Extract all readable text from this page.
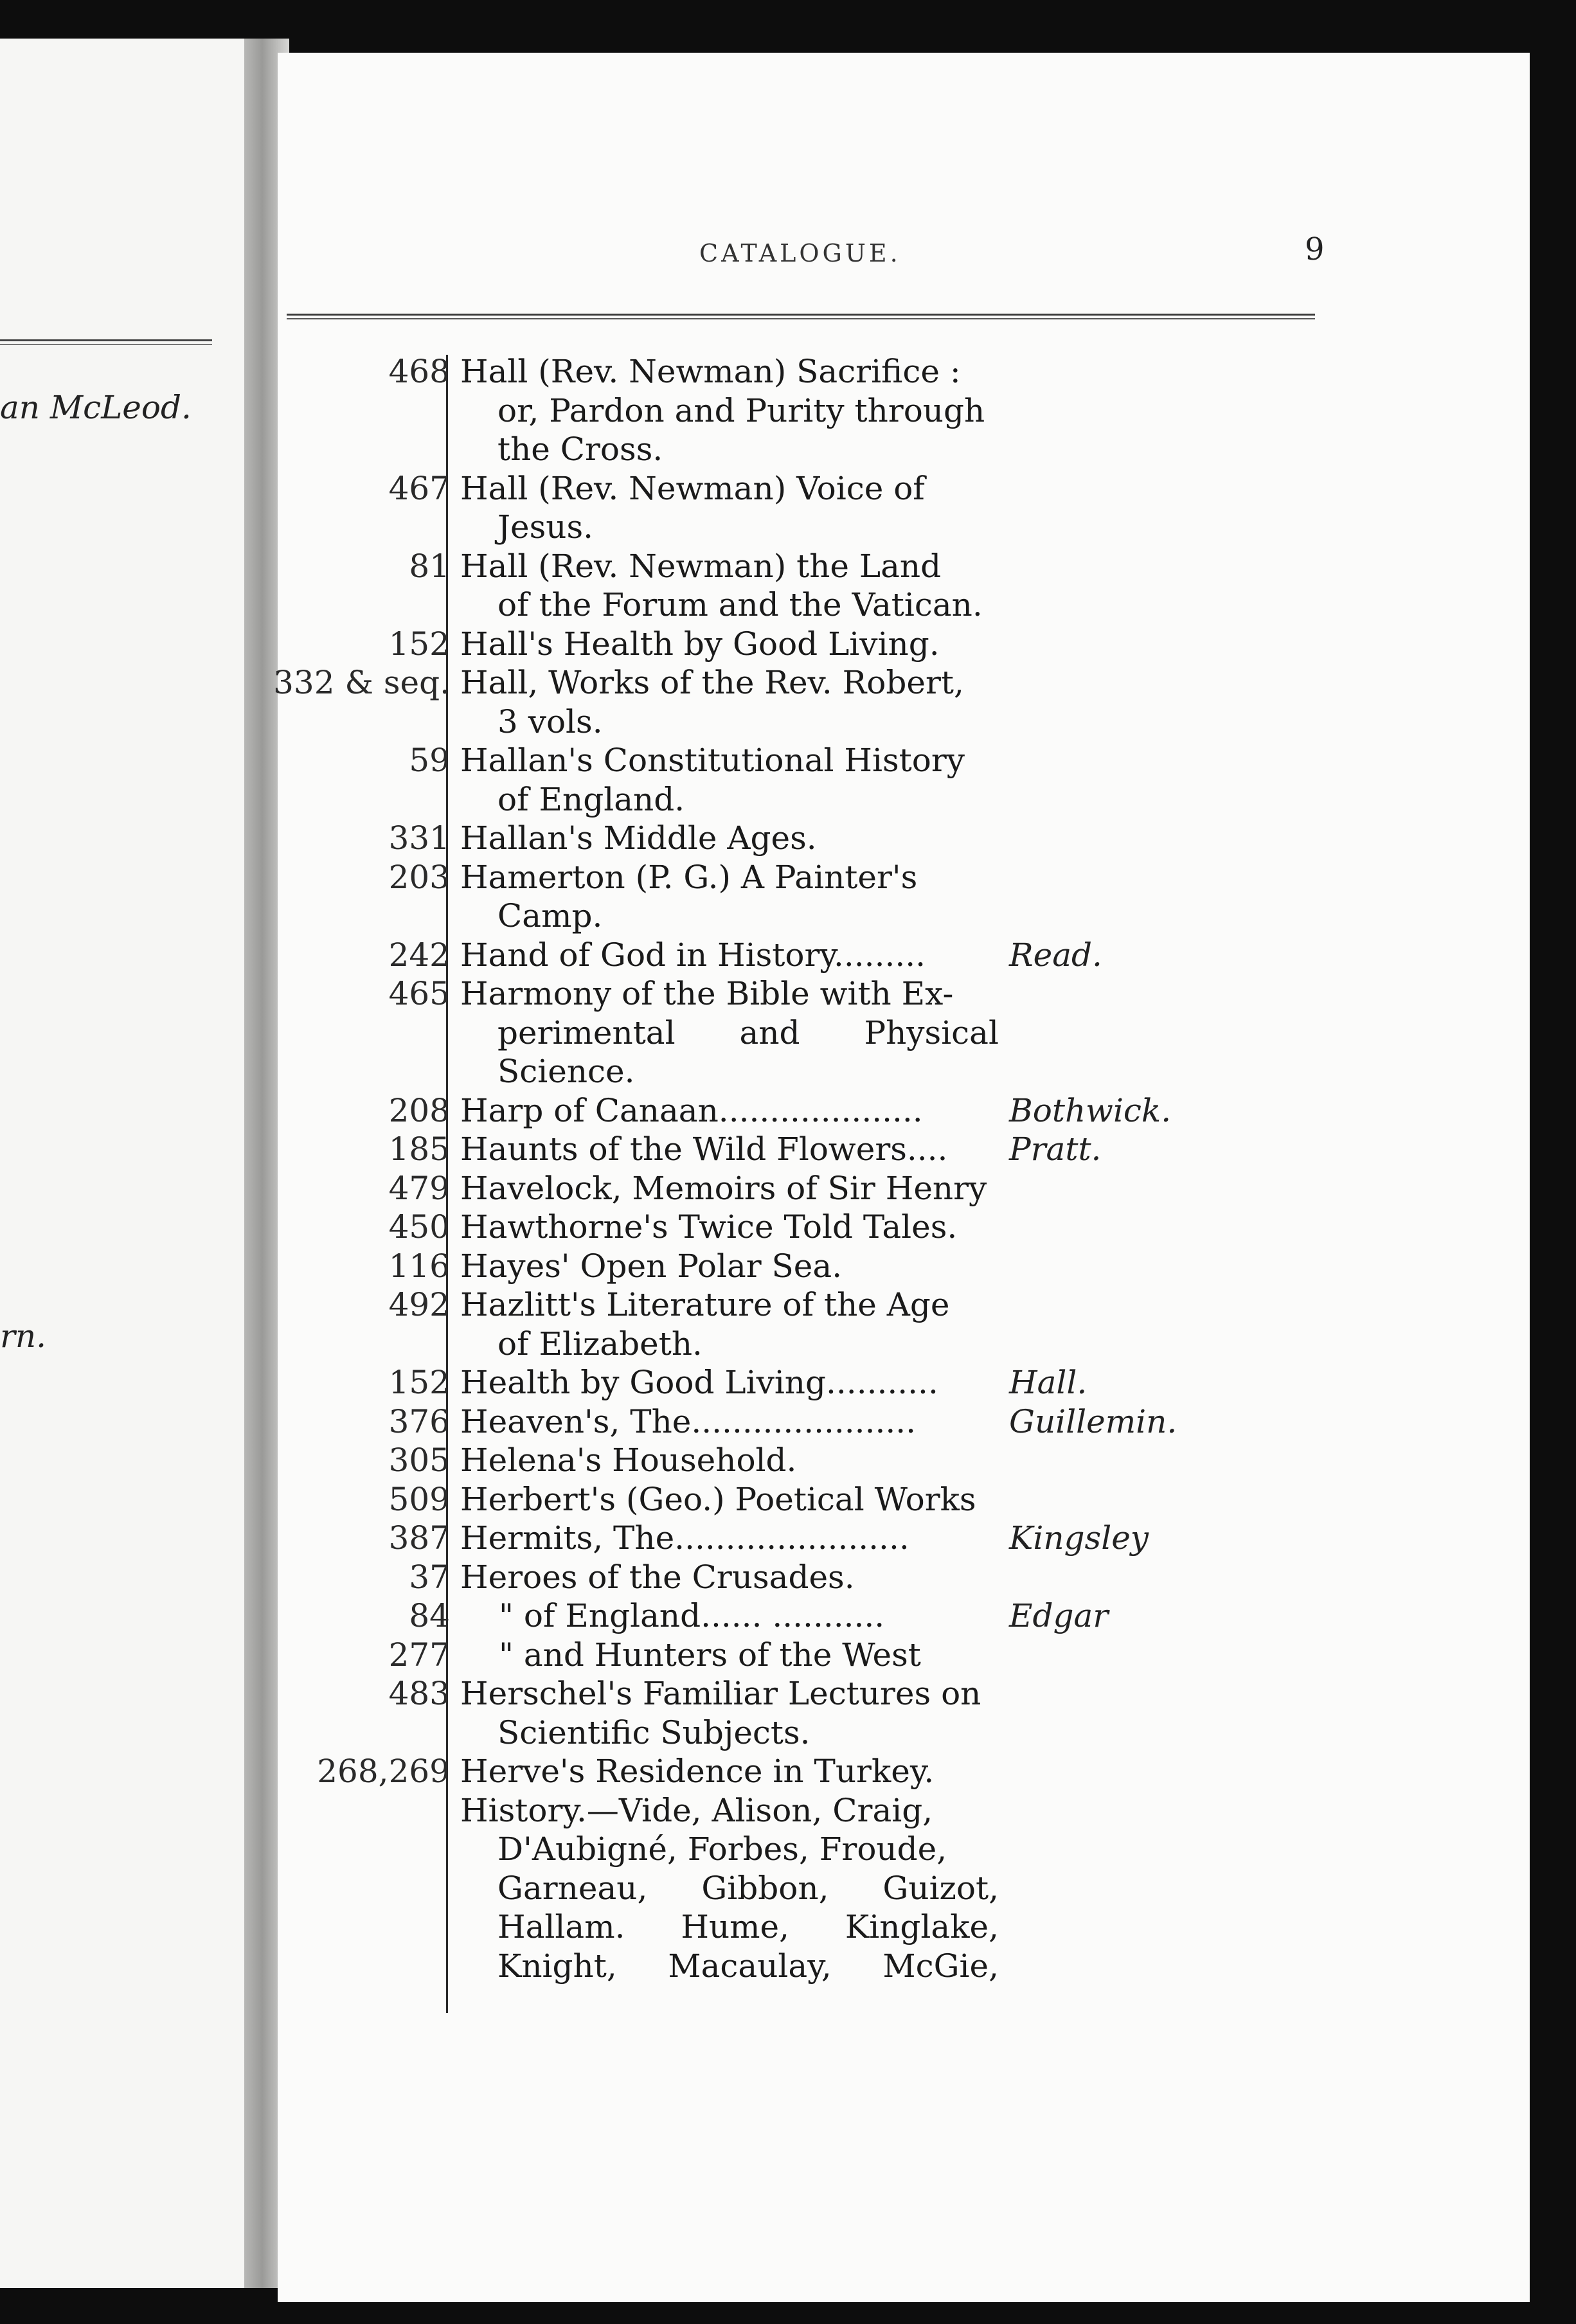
an McLeod.
rn.
CATALOGUE.	9
468 Hall (Rev. Newman) Sacrifice :
or, Pardon and Purity through
the Cross.
467 Hall (Rev. Newman) Voice of
Jesus.
81 Hall (Rev. Newman) the Land
of the Forum and the Vatican.
152 Hall's Health by Good Living.
332 & seq. Hall, Works of the Rev. Robert,
3 vols.
59 Hallan's Constitutional History
of England.
331 Hallan's Middle Ages.
203 Hamerton (P. G.) A Painter's
Camp.
242 Hand of God in History.........	Read.
465 Harmony of the Bible with Ex-
perimental and Physical
Science.
208 Harp of Canaan....................	Bothwick.
185 Haunts of the Wild Flowers....	Pratt.
479 Havelock, Memoirs of Sir Henry
450 Hawthorne's Twice Told Tales.
116 Hayes' Open Polar Sea.
492 Hazlitt's Literature of the Age
of Elizabeth.
152 Health by Good Living...........	Hall.
376 Heaven's, The......................	Guillemin.
305 Helena's Household.
509 Herbert's (Geo.) Poetical Works
387 Hermits, The.......................	Kingsley
37 Heroes of the Crusades.
84	" of England...... ...........	Edgar
277	" and Hunters of the West
483 Herschel's Familiar Lectures on
Scientific Subjects.
268,269 Herve's Residence in Turkey.
History.—Vide, Alison, Craig,
D'Aubigné, Forbes, Froude,
Garneau, Gibbon, Guizot,
Hallam. Hume, Kinglake,
Knight, Macaulay, McGie,
